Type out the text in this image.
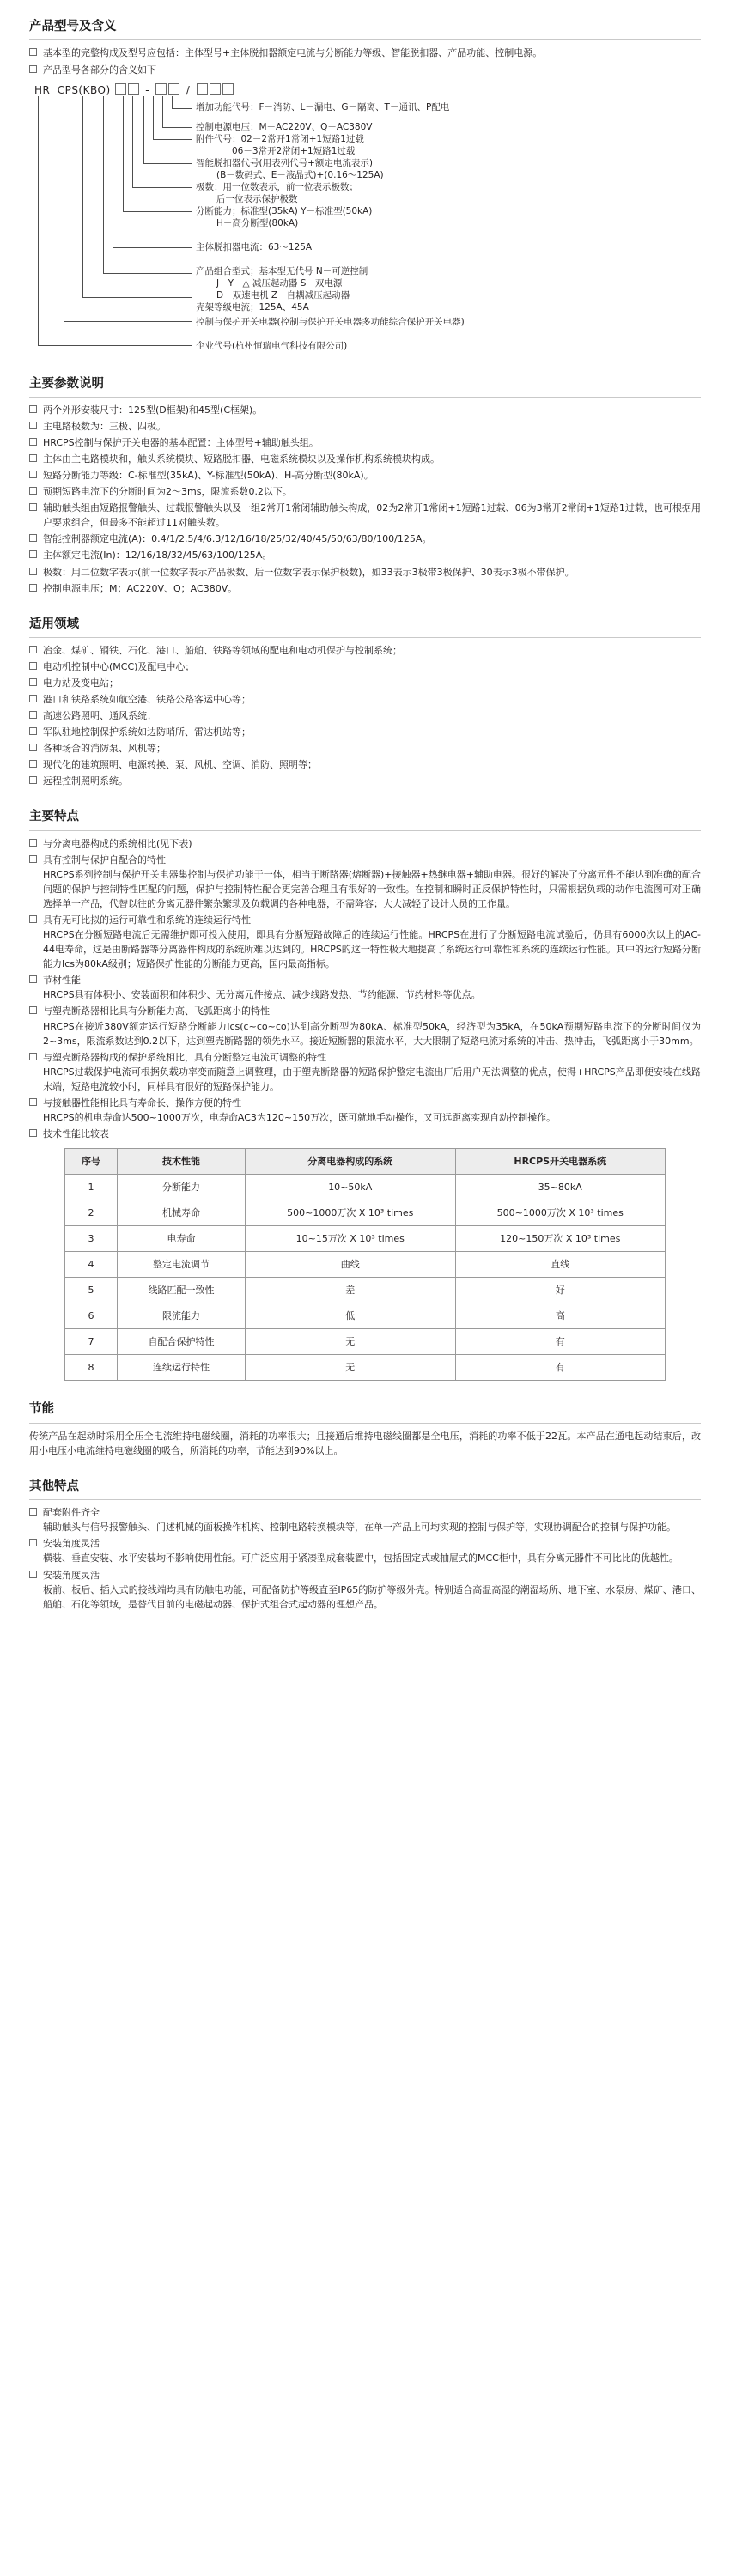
产品型号及含义
基本型的完整构成及型号应包括：主体型号+主体脱扣器额定电流与分断能力等级、智能脱扣器、产品功能、控制电源。
产品型号各部分的含义如下
HR CPS(KBO)	-	/
增加功能代号：F－消防、L－漏电、G－隔离、T－通讯、P配电
控制电源电压：M－AC220V、Q－AC380V
附件代号：02－2常开1常闭+1短路1过载
06－3常开2常闭+1短路1过载
智能脱扣器代号(用表列代号+额定电流表示)
(B－数码式、E－液晶式)+(0.16～125A)
极数；用一位数表示，前一位表示极数；
后一位表示保护极数
分断能力；标准型(35kA) Y－标准型(50kA)
H－高分断型(80kA)
主体脱扣器电流：63～125A
产品组合型式；基本型无代号 N－可逆控制
J－Y－△ 减压起动器 S－双电源
D－双速电机 Z－自耦减压起动器
壳架等级电流；125A、45A
控制与保护开关电器(控制与保护开关电器多功能综合保护开关电器)
企业代号(杭州恒瑞电气科技有限公司)
主要参数说明
两个外形安装尺寸：125型(D框架)和45型(C框架)。
主电路极数为：三极、四极。
HRCPS控制与保护开关电器的基本配置：主体型号+辅助触头组。
主体由主电路模块和，触头系统模块、短路脱扣器、电磁系统模块以及操作机构系统模块构成。
短路分断能力等级：C-标准型(35kA)、Y-标准型(50kA)、H-高分断型(80kA)。
预期短路电流下的分断时间为2～3ms，限流系数0.2以下。
辅助触头组由短路报警触头、过载报警触头以及一组2常开1常闭辅助触头构成，02为2常开1常闭+1短路1过载、06为3常开2常闭+1短路1过载，也可根据用户要求组合，但最多不能超过11对触头数。
智能控制器额定电流(A)：0.4/1/2.5/4/6.3/12/16/18/25/32/40/45/50/63/80/100/125A。
主体额定电流(In)：12/16/18/32/45/63/100/125A。
极数：用二位数字表示(前一位数字表示产品极数、后一位数字表示保护极数)，如33表示3极带3极保护、30表示3极不带保护。
控制电源电压；M；AC220V、Q；AC380V。
适用领域
冶金、煤矿、钢铁、石化、港口、船舶、铁路等领域的配电和电动机保护与控制系统；
电动机控制中心(MCC)及配电中心；
电力站及变电站；
港口和铁路系统如航空港、铁路公路客运中心等；
高速公路照明、通风系统；
军队驻地控制保护系统如边防哨所、雷达机站等；
各种场合的消防泵、风机等；
现代化的建筑照明、电源转换、泵、风机、空调、消防、照明等；
远程控制照明系统。
主要特点
与分离电器构成的系统相比(见下表)
具有控制与保护自配合的特性
HRCPS系列控制与保护开关电器集控制与保护功能于一体，相当于断路器(熔断器)+接触器+热继电器+辅助电器。很好的解决了分离元件不能达到准确的配合问题的保护与控制特性匹配的问题，保护与控制特性配合更完善合理且有很好的一致性。在控制和瞬时正反保护特性时，只需根据负载的动作电流图可对正确选择单一产品，代替以往的分离元器件繁杂繁琐及负载调的各种电器，不需降容；大大减轻了设计人员的工作量。
具有无可比拟的运行可靠性和系统的连续运行特性
HRCPS在分断短路电流后无需维护即可投入使用，即具有分断短路故障后的连续运行性能。HRCPS在进行了分断短路电流试验后，仍具有6000次以上的AC-44电寿命，这是由断路器等分离器件构成的系统所难以达到的。HRCPS的这一特性极大地提高了系统运行可靠性和系统的连续运行性能。其中的运行短路分断 能力Ics为80kA级别；短路保护性能的分断能力更高，国内最高指标。
节材性能
HRCPS具有体积小、安装面积和体积少、无分离元件接点、减少线路发热、节约能源、节约材料等优点。
与塑壳断路器相比具有分断能力高、飞弧距离小的特性
HRCPS在接近380V额定运行短路分断能力Ics(c~co~co)达到高分断型为80kA、标准型50kA，经济型为35kA，在50kA预期短路电流下的分断时间仅为2~3ms，限流系数达到0.2以下，达到塑壳断路器的领先水平。接近短断器的限流水平，大大限制了短路电流对系统的冲击、热冲击，飞弧距离小于30mm。
与塑壳断路器构成的保护系统相比，具有分断整定电流可调整的特性
HRCPS过载保护电流可根据负载功率变而随意上调整理，由于塑壳断路器的短路保护整定电流出厂后用户无法调整的优点，使得+HRCPS产品即便安装在线路末端，短路电流较小时，同样具有很好的短路保护能力。
与接触器性能相比具有寿命长、操作方便的特性
HRCPS的机电寿命达500~1000万次，电寿命AC3为120~150万次，既可就地手动操作，又可远距离实现自动控制操作。
技术性能比较表
序号	技术性能	分离电器构成的系统	HRCPS开关电器系统
1	分断能力	10~50kA	35~80kA
2	机械寿命	500~1000万次 X 10³ times	500~1000万次 X 10³ times
3	电寿命	10~15万次 X 10³ times	120~150万次 X 10³ times
4	整定电流调节	曲线	直线
5	线路匹配一致性	差	好
6	限流能力	低	高
7	自配合保护特性	无	有
8	连续运行特性	无	有
节能

传统产品在起动时采用全压全电流维持电磁线圈，消耗的功率很大；且接通后维持电磁线圈都是全电压，消耗的功率不低于22瓦。本产品在通电起动结束后，改用小电压小电流维持电磁线圈的吸合，所消耗的功率，节能达到90%以上。

其他特点
配套附件齐全
辅助触头与信号报警触头、门述机械的面板操作机构、控制电路转换模块等，在单一产品上可均实现的控制与保护等，实现协调配合的控制与保护功能。
安装角度灵活
横装、垂直安装、水平安装均不影响使用性能。可广泛应用于紧凑型成套装置中，包括固定式或抽屉式的MCC柜中，具有分离元器件不可比比的优越性。
安装角度灵活
板前、板后、插入式的接线端均具有防触电功能，可配备防护等级直至IP65的防护等级外壳。特别适合高温高湿的潮湿场所、地下室、水泵房、煤矿、港口、船舶、石化等领域，是替代目前的电磁起动器、保护式组合式起动器的理想产品。
